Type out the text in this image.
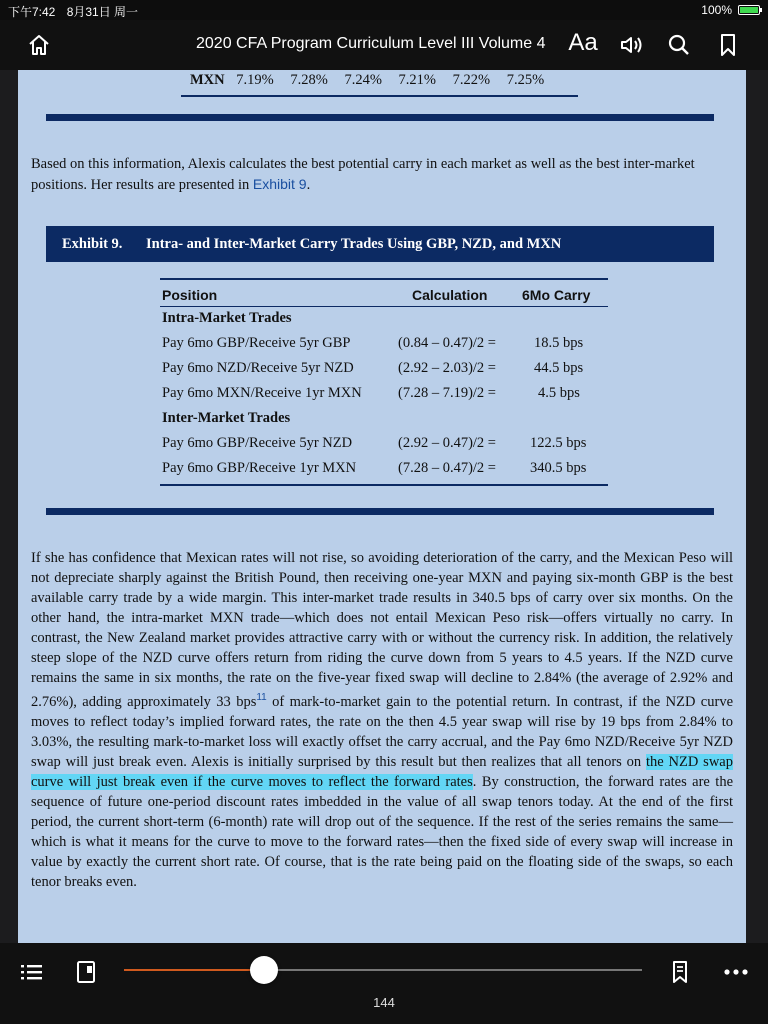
下午7:42 8月31日 周一	100%
2020 CFA Program Curriculum Level III Volume 4 Aa
MXN 7.19% 7.28% 7.24% 7.21% 7.22% 7.25%
Based on this information, Alexis calculates the best potential carry in each market as well as the best inter-market positions. Her results are presented in Exhibit 9.
Exhibit 9. Intra- and Inter-Market Carry Trades Using GBP, NZD, and MXN
Position	Calculation 6Mo Carry
Intra-Market Trades
Pay 6mo GBP/Receive 5yr GBP	(0.84 – 0.47)/2 =	18.5 bps
Pay 6mo NZD/Receive 5yr NZD	(2.92 – 2.03)/2 =	44.5 bps
Pay 6mo MXN/Receive 1yr MXN (7.28 – 7.19)/2 =	4.5 bps
Inter-Market Trades
Pay 6mo GBP/Receive 5yr NZD	(2.92 – 0.47)/2 = 122.5 bps
Pay 6mo GBP/Receive 1yr MXN	(7.28 – 0.47)/2 = 340.5 bps
If she has confidence that Mexican rates will not rise, so avoiding deterioration of the carry, and the Mexican Peso will not depreciate sharply against the British Pound, then receiving one-year MXN and paying six-month GBP is the best available carry trade by a wide margin. This inter-market trade results in 340.5 bps of carry over six months. On the other hand, the intra-market MXN trade—which does not entail Mexican Peso risk—offers virtually no carry. In contrast, the New Zealand market provides attractive carry with or without the currency risk. In addition, the relatively steep slope of the NZD curve offers return from riding the curve down from 5 years to 4.5 years. If the NZD curve remains the same in six months, the rate on the five-year fixed swap will decline to 2.84% (the average of 2.92% and 2.76%), adding approximately 33 bps$^{11}$ of mark-to-market gain to the potential return. In contrast, if the NZD curve moves to reflect today’s implied forward rates, the rate on the then 4.5 year swap will rise by 19 bps from 2.84% to 3.03%, the resulting mark-to-market loss will exactly offset the carry accrual, and the Pay 6mo NZD/Receive 5yr NZD swap will just break even. Alexis is initially surprised by this result but then realizes that all tenors on the NZD swap curve will just break even if the curve moves to reflect the forward rates. By construction, the forward rates are the sequence of future one-period discount rates imbedded in the value of all swap tenors today. At the end of the first period, the current short-term (6-month) rate will drop out of the sequence. If the rest of the series remains the same—which is what it means for the curve to move to the forward rates—then the fixed side of every swap will increase in value by exactly the current short rate. Of course, that is the rate being paid on the floating side of the swaps, so each tenor breaks even.
144
